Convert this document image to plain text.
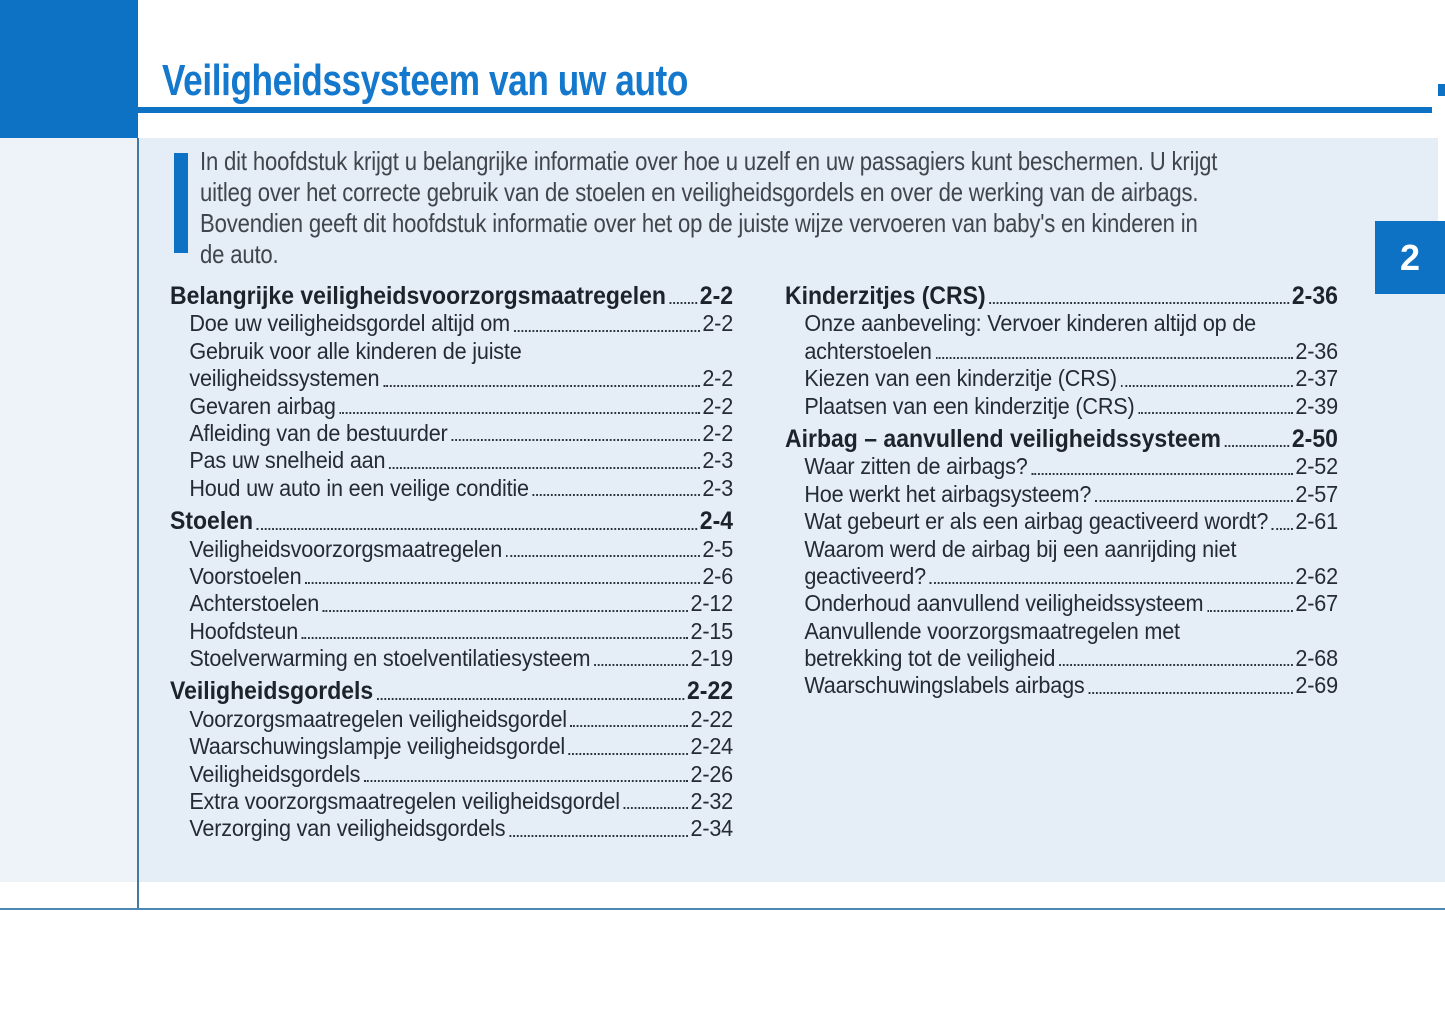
Veiligheidssysteem van uw auto
2
In dit hoofdstuk krijgt u belangrijke informatie over hoe u uzelf en uw passagiers kunt beschermen. U krijgt
uitleg over het correcte gebruik van de stoelen en veiligheidsgordels en over de werking van de airbags.
Bovendien geeft dit hoofdstuk informatie over het op de juiste wijze vervoeren van baby's en kinderen in
de auto.
Belangrijke veiligheidsvoorzorgsmaatregelen 2-2
Doe uw veiligheidsgordel altijd om	2-2
Gebruik voor alle kinderen de juiste
veiligheidssystemen	2-2
Gevaren airbag	2-2
Afleiding van de bestuurder	2-2
Pas uw snelheid aan	2-3
Houd uw auto in een veilige conditie	2-3
Stoelen	2-4
Veiligheidsvoorzorgsmaatregelen	2-5
Voorstoelen	2-6
Achterstoelen	2-12
Hoofdsteun	2-15
Stoelverwarming en stoelventilatiesysteem	2-19
Veiligheidsgordels	2-22
Voorzorgsmaatregelen veiligheidsgordel	2-22
Waarschuwingslampje veiligheidsgordel	2-24
Veiligheidsgordels	2-26
Extra voorzorgsmaatregelen veiligheidsgordel	2-32
Verzorging van veiligheidsgordels	2-34
Kinderzitjes (CRS)	2-36
Onze aanbeveling: Vervoer kinderen altijd op de
achterstoelen	2-36
Kiezen van een kinderzitje (CRS)	2-37
Plaatsen van een kinderzitje (CRS)	2-39
Airbag – aanvullend veiligheidssysteem	2-50
Waar zitten de airbags?	2-52
Hoe werkt het airbagsysteem?	2-57
Wat gebeurt er als een airbag geactiveerd wordt? 2-61
Waarom werd de airbag bij een aanrijding niet
geactiveerd?	2-62
Onderhoud aanvullend veiligheidssysteem	2-67
Aanvullende voorzorgsmaatregelen met
betrekking tot de veiligheid	2-68
Waarschuwingslabels airbags	2-69
